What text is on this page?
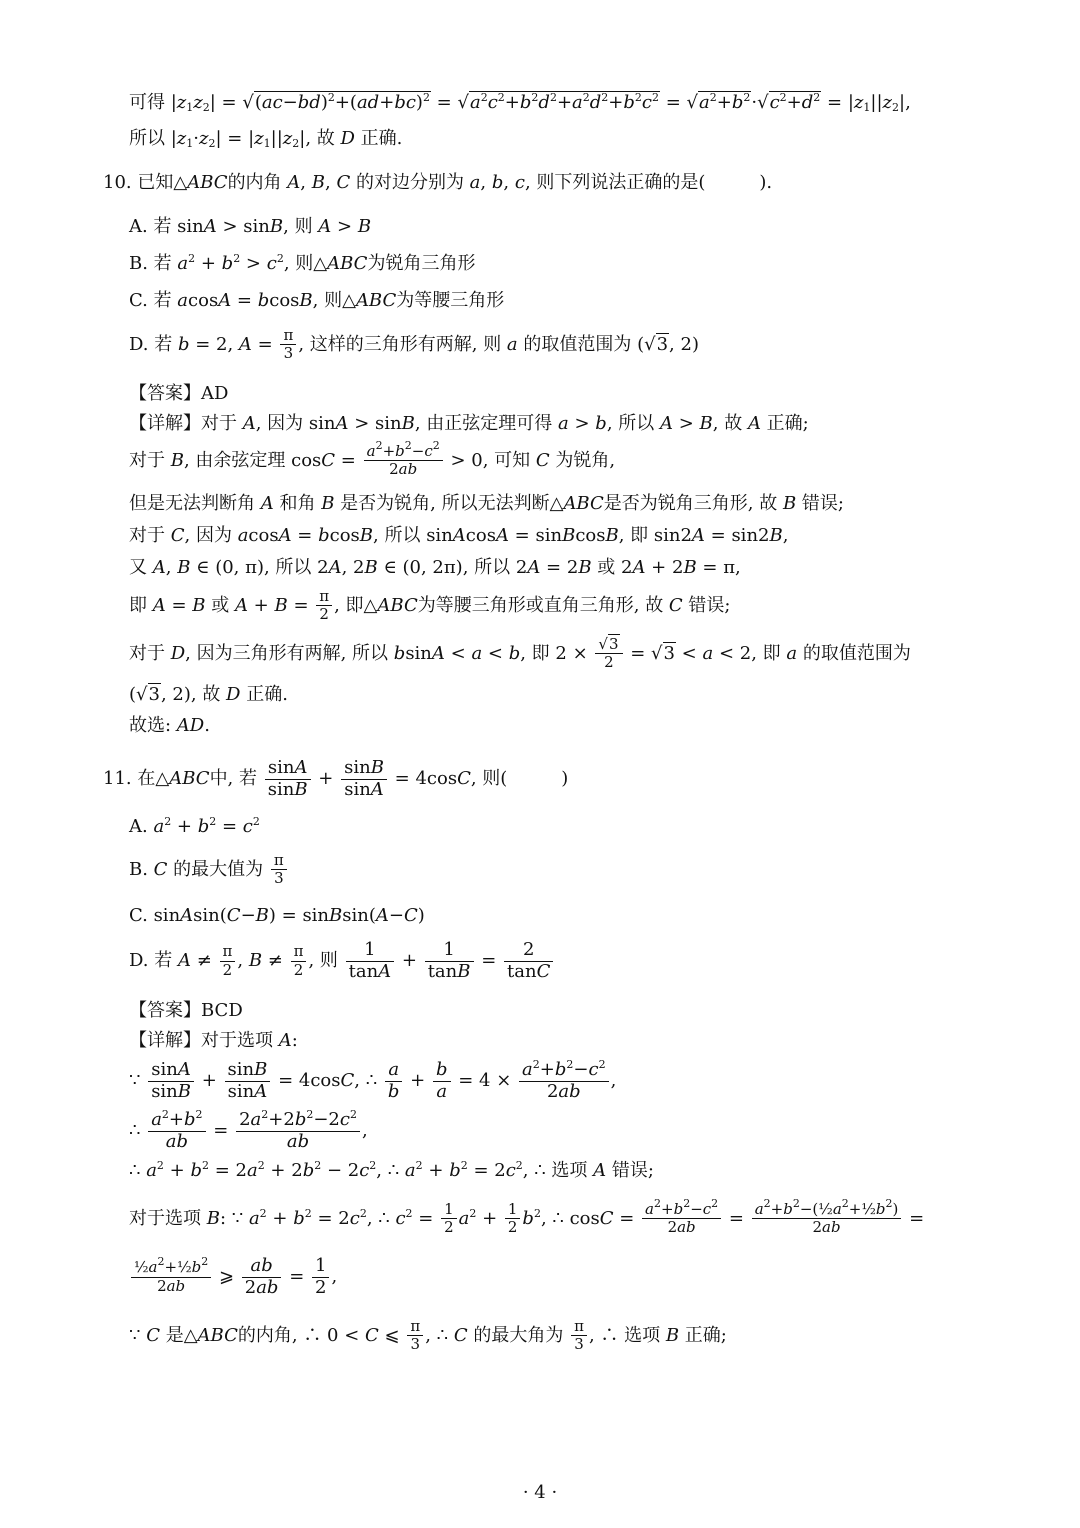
可得 $|z_1z_2| = √(ac-bd)^2+(ad+bc)^2 = √a^2c^2+b^2d^2+a^2d^2+b^2c^2 = √a^2+b^2\cdot√c^2+d^2 = |z_1||z_2|$,
所以 $|z_1\cdot z_2| = |z_1||z_2|$, 故 D 正确.
10. 已知△ABC的内角 A, B, C 的对边分别为 a, b, c, 则下列说法正确的是(　　　).
A. 若 sinA > sinB, 则 A > B
B. 若 $a^2 + b^2 > c^2$, 则△ABC为锐角三角形
C. 若 acosA = bcosB, 则△ABC为等腰三角形
D. 若 b = 2, $A = \frac{\pi}{3}$ , 这样的三角形有两解, 则 a 的取值范围为 (√3, 2)
【答案】AD
【详解】对于 A, 因为 sinA > sinB, 由正弦定理可得 a > b, 所以 A > B, 故 A 正确;
对于 B, 由余弦定理 $\cos C = \frac{a^2+b^2-c^2}{2ab} > 0$, 可知 C 为锐角,
但是无法判断角 A 和角 B 是否为锐角, 所以无法判断△ABC是否为锐角三角形, 故 B 错误;
对于 C, 因为 acosA = bcosB, 所以 sinAcosA = sinBcosB, 即 sin2A = sin2B,
又 A, B ∈ (0, π), 所以 2A, 2B ∈ (0, 2π), 所以 2A = 2B 或 2A + 2B = π,
即 A = B 或 $A + B = \frac{\pi}{2}$ , 即△ABC为等腰三角形或直角三角形, 故 C 错误;
对于 D, 因为三角形有两解, 所以 bsinA < a < b, 即 $2 \times \frac{√3}{2} = √3 < a < 2$, 即 a 的取值范围为
(√3, 2), 故 D 正确.
故选: AD.
11. 在△ABC中, 若 $\frac{\sin A}{\sin B} + \frac{\sin B}{\sin A} = 4\cos C$, 则(　　　)
A. $a^2 + b^2 = c^2$
B. C 的最大值为 $\frac{\pi}{3}$
C. sinAsin(C−B) = sinBsin(A−C)
D. 若 $A \ne \frac{\pi}{2}$ , $B \ne \frac{\pi}{2}$ , 则 $\frac{1}{\tan A} + \frac{1}{\tan B} = \frac{2}{\tan C}$
【答案】BCD
【详解】对于选项 A:
∵ $\frac{\sin A}{\sin B} + \frac{\sin B}{\sin A} = 4\cos C$, ∴ $\frac{a}{b} + \frac{b}{a} = 4 \times \frac{a^2+b^2-c^2}{2ab}$ ,
∴ $\frac{a^2+b^2}{ab} = \frac{2a^2+2b^2-2c^2}{ab}$ ,
∴ $a^2 + b^2 = 2a^2 + 2b^2 - 2c^2$, ∴ $a^2 + b^2 = 2c^2$, ∴ 选项 A 错误;
对于选项 B: ∵ $a^2 + b^2 = 2c^2$, ∴ $c^2 = \frac{1}{2} a^2 + \frac{1}{2} b^2$, ∴ $\cos C = \frac{a^2+b^2-c^2}{2ab} = \frac{a^2+b^2-(\frac{1}{2}a^2+\frac{1}{2}b^2)}{2ab}$ =
$\frac{\frac{1}{2}a^2+\frac{1}{2}b^2}{2ab}$ ⩾ $\frac{ab}{2ab} = \frac{1}{2}$ ,
∵ C 是△ABC的内角, ∴ 0 < C ⩽ $\frac{\pi}{3}$ , ∴ C 的最大角为 $\frac{\pi}{3}$ , ∴ 选项 B 正确;
· 4 ·
